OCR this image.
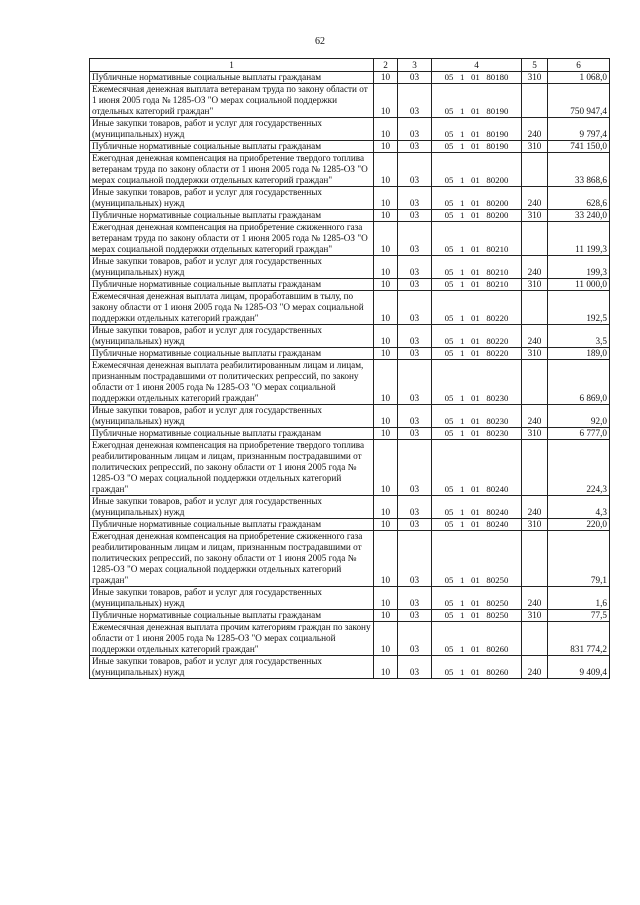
62
1	2	3	4	5	6
Публичные нормативные социальные выплаты гражданам	10	03	05   1   01   80180	310	1 068,0
Ежемесячная денежная выплата ветеранам труда по закону области от 1 июня 2005 года № 1285-ОЗ "О мерах социальной поддержки отдельных категорий граждан"	10	03	05   1   01   80190		750 947,4
Иные закупки товаров, работ и услуг для государственных (муниципальных) нужд	10	03	05   1   01   80190	240	9 797,4
Публичные нормативные социальные выплаты гражданам	10	03	05   1   01   80190	310	741 150,0
Ежегодная денежная компенсация на приобретение твердого топлива ветеранам труда по закону области от 1 июня 2005 года № 1285-ОЗ "О мерах социальной поддержки отдельных категорий граждан"	10	03	05   1   01   80200		33 868,6
Иные закупки товаров, работ и услуг для государственных (муниципальных) нужд	10	03	05   1   01   80200	240	628,6
Публичные нормативные социальные выплаты гражданам	10	03	05   1   01   80200	310	33 240,0
Ежегодная денежная компенсация на приобретение сжиженного газа ветеранам труда по закону области от 1 июня 2005 года № 1285-ОЗ "О мерах социальной поддержки отдельных категорий граждан"	10	03	05   1   01   80210		11 199,3
Иные закупки товаров, работ и услуг для государственных (муниципальных) нужд	10	03	05   1   01   80210	240	199,3
Публичные нормативные социальные выплаты гражданам	10	03	05   1   01   80210	310	11 000,0
Ежемесячная денежная выплата лицам, проработавшим в тылу, по закону области от 1 июня 2005 года № 1285-ОЗ "О мерах социальной поддержки отдельных категорий граждан"	10	03	05   1   01   80220		192,5
Иные закупки товаров, работ и услуг для государственных (муниципальных) нужд	10	03	05   1   01   80220	240	3,5
Публичные нормативные социальные выплаты гражданам	10	03	05   1   01   80220	310	189,0
Ежемесячная денежная выплата реабилитированным лицам и лицам, признанным пострадавшими от политических репрессий, по закону области от 1 июня 2005 года № 1285-ОЗ "О мерах социальной поддержки отдельных категорий граждан"	10	03	05   1   01   80230		6 869,0
Иные закупки товаров, работ и услуг для государственных (муниципальных) нужд	10	03	05   1   01   80230	240	92,0
Публичные нормативные социальные выплаты гражданам	10	03	05   1   01   80230	310	6 777,0
Ежегодная денежная компенсация на приобретение твердого топлива реабилитированным лицам и лицам, признанным пострадавшими от политических репрессий, по закону области от 1 июня 2005 года № 1285-ОЗ "О мерах социальной поддержки отдельных категорий граждан"	10	03	05   1   01   80240		224,3
Иные закупки товаров, работ и услуг для государственных (муниципальных) нужд	10	03	05   1   01   80240	240	4,3
Публичные нормативные социальные выплаты гражданам	10	03	05   1   01   80240	310	220,0
Ежегодная денежная компенсация на приобретение сжиженного газа реабилитированным лицам и лицам, признанным пострадавшими от политических репрессий, по закону области от 1 июня 2005 года № 1285-ОЗ "О мерах социальной поддержки отдельных категорий граждан"	10	03	05   1   01   80250		79,1
Иные закупки товаров, работ и услуг для государственных (муниципальных) нужд	10	03	05   1   01   80250	240	1,6
Публичные нормативные социальные выплаты гражданам	10	03	05   1   01   80250	310	77,5
Ежемесячная денежная выплата прочим категориям граждан по закону области от 1 июня 2005 года № 1285-ОЗ "О мерах социальной поддержки отдельных категорий граждан"	10	03	05   1   01   80260		831 774,2
Иные закупки товаров, работ и услуг для государственных (муниципальных) нужд	10	03	05   1   01   80260	240	9 409,4
